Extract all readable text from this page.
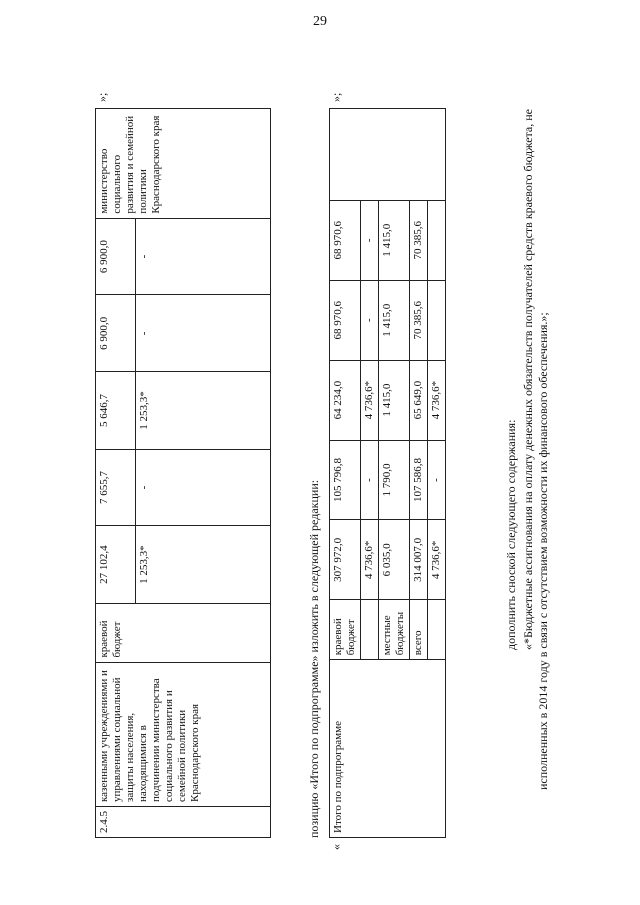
29
2.4.5	казенными учреждениями и управлениями социальной защиты населения, находящимися в подчинении министерства социального развития и семейной политики Краснодарского края	краевой бюджет	27 102,4	7 655,7	5 646,7	6 900,0	6 900,0	министерство социального развития и семейной политики Краснодарского края
			1 253,3*	-	1 253,3*	-	-	
»;
позицию «Итого по подпрограмме» изложить в следующей редакции:
«
Итого по подпрограмме	краевой бюджет	307 972,0	105 796,8	64 234,0	68 970,6	68 970,6	
		4 736,6*	-	4 736,6*	-	-	
	местные бюджеты	6 035,0	1 790,0	1 415,0	1 415,0	1 415,0	
	всего	314 007,0	107 586,8	65 649,0	70 385,6	70 385,6	
		4 736,6*	-	4 736,6*			
»;
дополнить сноской следующего содержания: «*Бюджетные ассигнования на оплату денежных обязательств получателей средств краевого бюджета, не исполненных в 2014 году в связи с отсутствием возможности их финансового обеспечения.»;
